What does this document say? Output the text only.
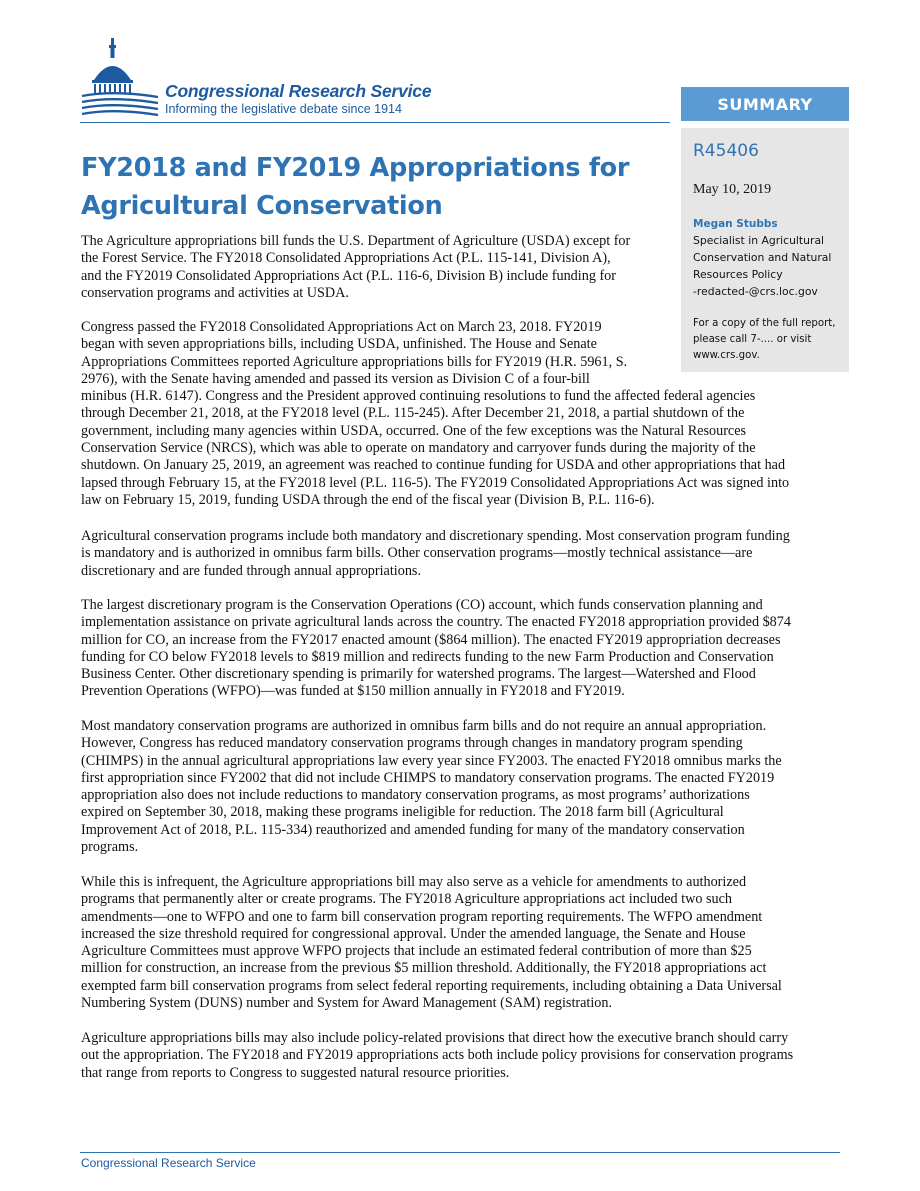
Congressional Research Service
Informing the legislative debate since 1914	SUMMARY
R45406
May 10, 2019
Megan Stubbs
Specialist in Agricultural
Conservation and Natural
Resources Policy
-redacted-@crs.loc.gov
For a copy of the full report,
please call 7-.... or visit
www.crs.gov.
FY2018 and FY2019 Appropriations for Agricultural Conservation
The Agriculture appropriations bill funds the U.S. Department of Agriculture (USDA) except for
the Forest Service. The FY2018 Consolidated Appropriations Act (P.L. 115-141, Division A),
and the FY2019 Consolidated Appropriations Act (P.L. 116-6, Division B) include funding for
conservation programs and activities at USDA.
Congress passed the FY2018 Consolidated Appropriations Act on March 23, 2018. FY2019
began with seven appropriations bills, including USDA, unfinished. The House and Senate
Appropriations Committees reported Agriculture appropriations bills for FY2019 (H.R. 5961, S.
2976), with the Senate having amended and passed its version as Division C of a four-bill
minibus (H.R. 6147). Congress and the President approved continuing resolutions to fund the affected federal agencies
through December 21, 2018, at the FY2018 level (P.L. 115-245). After December 21, 2018, a partial shutdown of the
government, including many agencies within USDA, occurred. One of the few exceptions was the Natural Resources
Conservation Service (NRCS), which was able to operate on mandatory and carryover funds during the majority of the
shutdown. On January 25, 2019, an agreement was reached to continue funding for USDA and other appropriations that had
lapsed through February 15, at the FY2018 level (P.L. 116-5). The FY2019 Consolidated Appropriations Act was signed into
law on February 15, 2019, funding USDA through the end of the fiscal year (Division B, P.L. 116-6).
Agricultural conservation programs include both mandatory and discretionary spending. Most conservation program funding
is mandatory and is authorized in omnibus farm bills. Other conservation programs—mostly technical assistance—are
discretionary and are funded through annual appropriations.
The largest discretionary program is the Conservation Operations (CO) account, which funds conservation planning and
implementation assistance on private agricultural lands across the country. The enacted FY2018 appropriation provided $874
million for CO, an increase from the FY2017 enacted amount ($864 million). The enacted FY2019 appropriation decreases
funding for CO below FY2018 levels to $819 million and redirects funding to the new Farm Production and Conservation
Business Center. Other discretionary spending is primarily for watershed programs. The largest—Watershed and Flood
Prevention Operations (WFPO)—was funded at $150 million annually in FY2018 and FY2019.
Most mandatory conservation programs are authorized in omnibus farm bills and do not require an annual appropriation.
However, Congress has reduced mandatory conservation programs through changes in mandatory program spending
(CHIMPS) in the annual agricultural appropriations law every year since FY2003. The enacted FY2018 omnibus marks the
first appropriation since FY2002 that did not include CHIMPS to mandatory conservation programs. The enacted FY2019
appropriation also does not include reductions to mandatory conservation programs, as most programs’ authorizations
expired on September 30, 2018, making these programs ineligible for reduction. The 2018 farm bill (Agricultural
Improvement Act of 2018, P.L. 115-334) reauthorized and amended funding for many of the mandatory conservation
programs.
While this is infrequent, the Agriculture appropriations bill may also serve as a vehicle for amendments to authorized
programs that permanently alter or create programs. The FY2018 Agriculture appropriations act included two such
amendments—one to WFPO and one to farm bill conservation program reporting requirements. The WFPO amendment
increased the size threshold required for congressional approval. Under the amended language, the Senate and House
Agriculture Committees must approve WFPO projects that include an estimated federal contribution of more than $25
million for construction, an increase from the previous $5 million threshold. Additionally, the FY2018 appropriations act
exempted farm bill conservation programs from select federal reporting requirements, including obtaining a Data Universal
Numbering System (DUNS) number and System for Award Management (SAM) registration.
Agriculture appropriations bills may also include policy-related provisions that direct how the executive branch should carry
out the appropriation. The FY2018 and FY2019 appropriations acts both include policy provisions for conservation programs
that range from reports to Congress to suggested natural resource priorities.
Congressional Research Service
